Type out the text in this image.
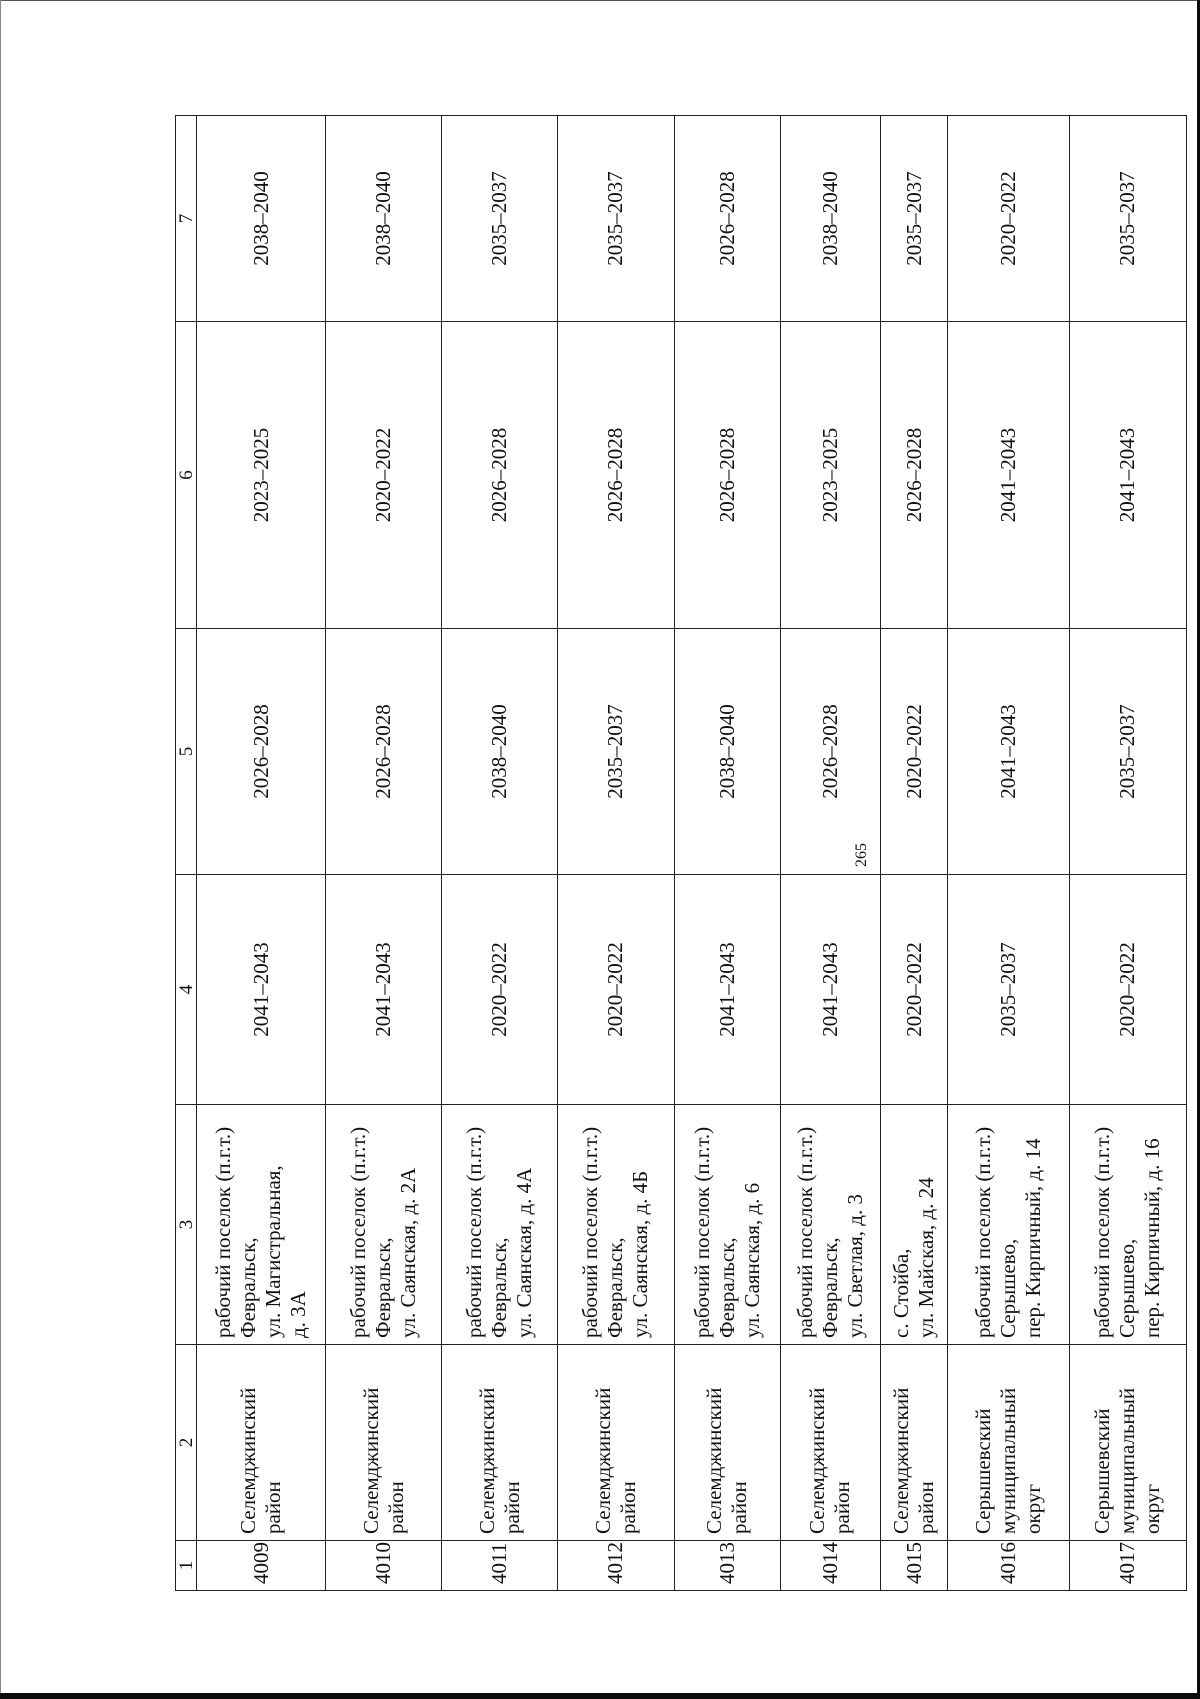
265
1	2	3	4	5	6	7
4009	Селемджинский район	рабочий поселок (п.г.т.) Февральск, ул. Магистральная, д. 3А	2041–2043	2026–2028	2023–2025	2038–2040
4010	Селемджинский район	рабочий поселок (п.г.т.) Февральск, ул. Саянская, д. 2А	2041–2043	2026–2028	2020–2022	2038–2040
4011	Селемджинский район	рабочий поселок (п.г.т.) Февральск, ул. Саянская, д. 4А	2020–2022	2038–2040	2026–2028	2035–2037
4012	Селемджинский район	рабочий поселок (п.г.т.) Февральск, ул. Саянская, д. 4Б	2020–2022	2035–2037	2026–2028	2035–2037
4013	Селемджинский район	рабочий поселок (п.г.т.) Февральск, ул. Саянская, д. 6	2041–2043	2038–2040	2026–2028	2026–2028
4014	Селемджинский район	рабочий поселок (п.г.т.) Февральск, ул. Светлая, д. 3	2041–2043	2026–2028	2023–2025	2038–2040
4015	Селемджинский район	с. Стойба, ул. Майская, д. 24	2020–2022	2020–2022	2026–2028	2035–2037
4016	Серышевский муниципальный округ	рабочий поселок (п.г.т.) Серышево, пер. Кирпичный, д. 14	2035–2037	2041–2043	2041–2043	2020–2022
4017	Серышевский муниципальный округ	рабочий поселок (п.г.т.) Серышево, пер. Кирпичный, д. 16	2020–2022	2035–2037	2041–2043	2035–2037
